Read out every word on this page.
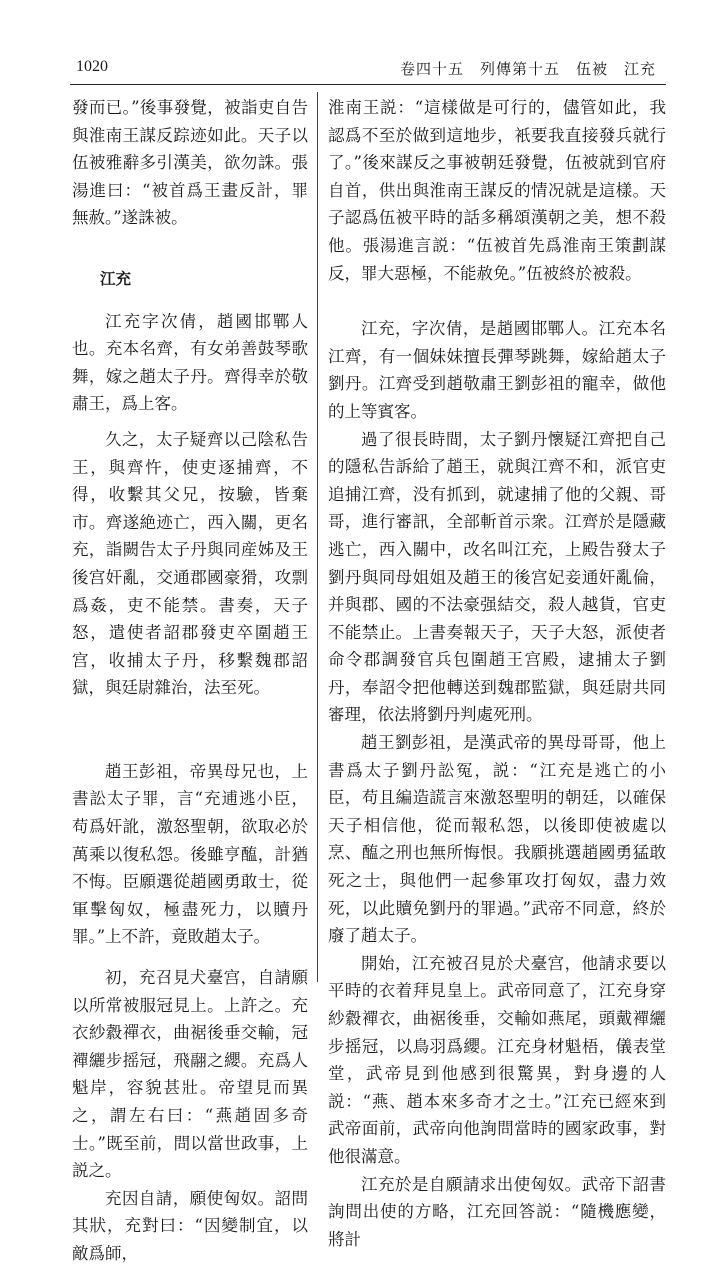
1020	卷四十五　列傳第十五　伍被　江充

發而已。”後事發覺，被詣吏自告與淮南王謀反踪迹如此。天子以伍被雅辭多引漢美，欲勿誅。張湯進曰：“被首爲王畫反計，罪無赦。”遂誅被。

江充

江充字次倩，趙國邯鄲人也。充本名齊，有女弟善鼓琴歌舞，嫁之趙太子丹。齊得幸於敬肅王，爲上客。

久之，太子疑齊以己陰私告王，與齊忤，使吏逐捕齊，不得，收繫其父兄，按驗，皆棄市。齊遂絶迹亡，西入關，更名充，詣闕告太子丹與同産姊及王後宫奸亂，交通郡國豪猾，攻剽爲姦，吏不能禁。書奏，天子怒，遣使者詔郡發吏卒圍趙王宫，收捕太子丹，移繫魏郡詔獄，與廷尉雜治，法至死。

趙王彭祖，帝異母兄也，上書訟太子罪，言“充逋逃小臣，苟爲奸訛，激怒聖朝，欲取必於萬乘以復私怨。後雖亨醢，計猶不悔。臣願選從趙國勇敢士，從軍擊匈奴，極盡死力，以贖丹罪。”上不許，竟敗趙太子。

初，充召見犬臺宫，自請願以所常被服冠見上。上許之。充衣紗縠禪衣，曲裾後垂交輸，冠襌纚步摇冠，飛翮之纓。充爲人魁岸，容貌甚壯。帝望見而異之，謂左右曰：“燕趙固多奇士。”既至前，問以當世政事，上説之。

充因自請，願使匈奴。詔問其狀，充對曰：“因變制宜，以敵爲師，

淮南王説：“這樣做是可行的，儘管如此，我認爲不至於做到這地步，衹要我直接發兵就行了。”後來謀反之事被朝廷發覺，伍被就到官府自首，供出與淮南王謀反的情况就是這樣。天子認爲伍被平時的話多稱頌漢朝之美，想不殺他。張湯進言説：“伍被首先爲淮南王策劃謀反，罪大惡極，不能赦免。”伍被終於被殺。

江充，字次倩，是趙國邯鄲人。江充本名江齊，有一個妹妹擅長彈琴跳舞，嫁給趙太子劉丹。江齊受到趙敬肅王劉彭祖的寵幸，做他的上等賓客。

過了很長時間，太子劉丹懷疑江齊把自己的隱私告訴給了趙王，就與江齊不和，派官吏追捕江齊，没有抓到，就逮捕了他的父親、哥哥，進行審訊，全部斬首示衆。江齊於是隱藏逃亡，西入關中，改名叫江充，上殿告發太子劉丹與同母姐姐及趙王的後宫妃妾通奸亂倫，并與郡、國的不法豪强結交，殺人越貨，官吏不能禁止。上書奏報天子，天子大怒，派使者命令郡調發官兵包圍趙王宫殿，逮捕太子劉丹，奉詔令把他轉送到魏郡監獄，與廷尉共同審理，依法將劉丹判處死刑。

趙王劉彭祖，是漢武帝的異母哥哥，他上書爲太子劉丹訟冤，説：“江充是逃亡的小臣，苟且編造謊言來激怒聖明的朝廷，以確保天子相信他，從而報私怨，以後即使被處以烹、醢之刑也無所悔恨。我願挑選趙國勇猛敢死之士，與他們一起參軍攻打匈奴，盡力效死，以此贖免劉丹的罪過。”武帝不同意，終於廢了趙太子。

開始，江充被召見於犬臺宫，他請求要以平時的衣着拜見皇上。武帝同意了，江充身穿紗縠襌衣，曲裾後垂，交輸如燕尾，頭戴襌纚步摇冠，以鳥羽爲纓。江充身材魁梧，儀表堂堂，武帝見到他感到很驚異，對身邊的人説：“燕、趙本來多奇才之士。”江充已經來到武帝面前，武帝向他詢問當時的國家政事，對他很滿意。

江充於是自願請求出使匈奴。武帝下詔書詢問出使的方略，江充回答説：“隨機應變，將計
